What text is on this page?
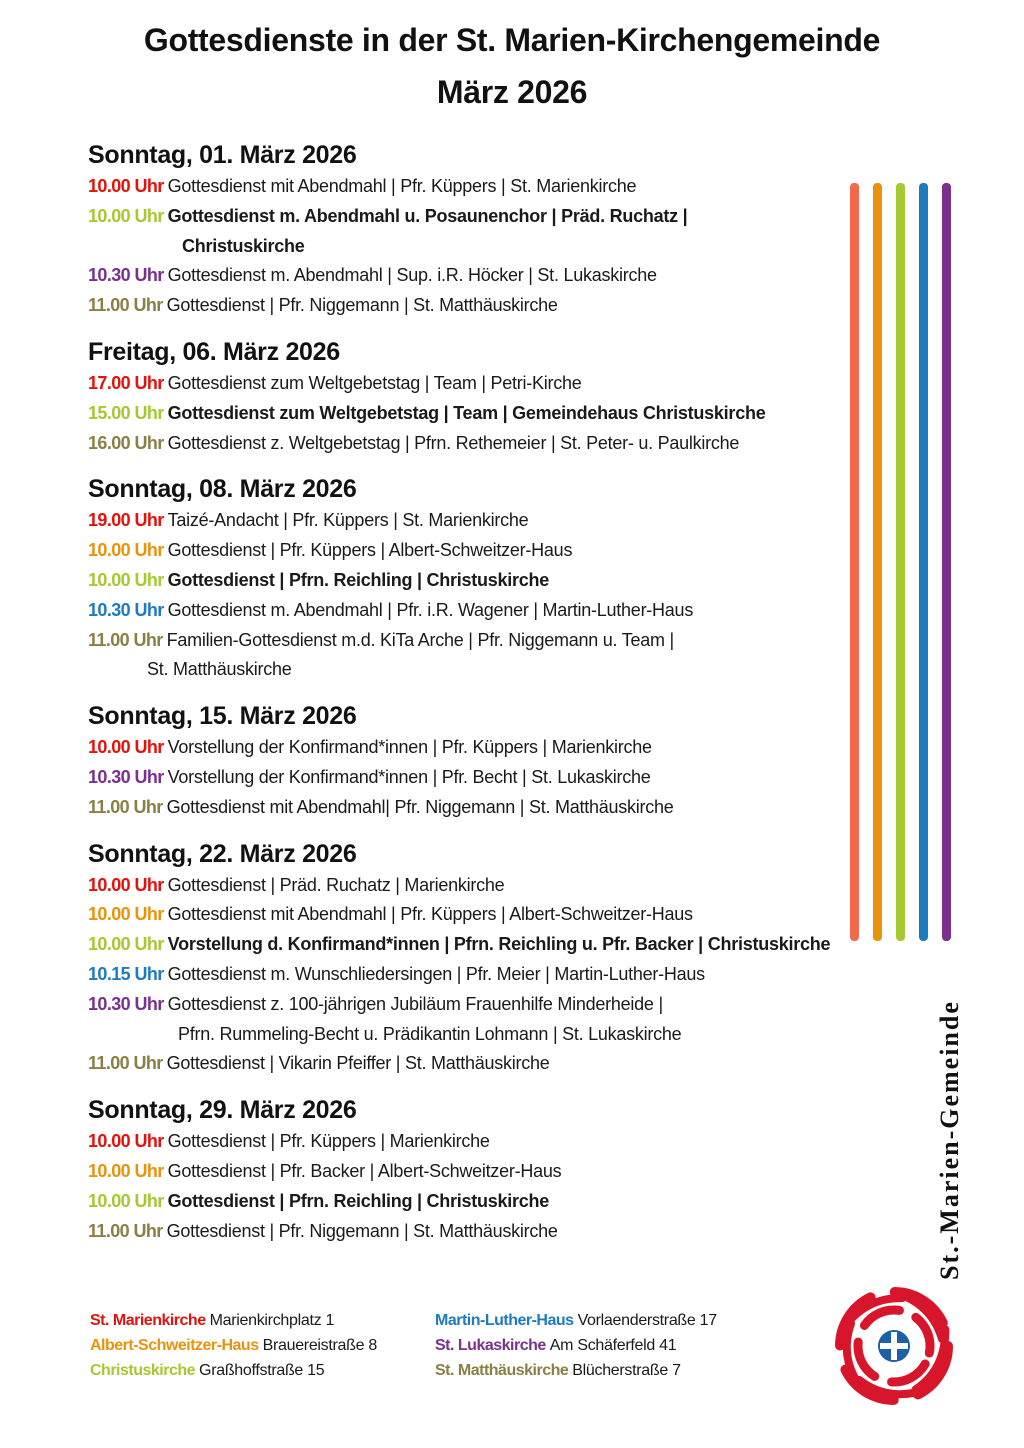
Gottesdienste in der St. Marien-Kirchengemeinde
März 2026
Sonntag, 01. März 2026
10.00 Uhr Gottesdienst mit Abendmahl | Pfr. Küppers | St. Marienkirche
10.00 Uhr Gottesdienst m. Abendmahl u. Posaunenchor | Präd. Ruchatz |
Christuskirche
10.30 Uhr Gottesdienst m. Abendmahl | Sup. i.R. Höcker | St. Lukaskirche
11.00 Uhr Gottesdienst | Pfr. Niggemann | St. Matthäuskirche
Freitag, 06. März 2026
17.00 Uhr Gottesdienst zum Weltgebetstag | Team | Petri-Kirche
15.00 Uhr Gottesdienst zum Weltgebetstag | Team | Gemeindehaus Christuskirche
16.00 Uhr Gottesdienst z. Weltgebetstag | Pfrn. Rethemeier | St. Peter- u. Paulkirche
Sonntag, 08. März 2026
19.00 Uhr Taizé-Andacht | Pfr. Küppers | St. Marienkirche
10.00 Uhr Gottesdienst | Pfr. Küppers | Albert-Schweitzer-Haus
10.00 Uhr Gottesdienst | Pfrn. Reichling | Christuskirche
10.30 Uhr Gottesdienst m. Abendmahl | Pfr. i.R. Wagener | Martin-Luther-Haus
11.00 Uhr Familien-Gottesdienst m.d. KiTa Arche | Pfr. Niggemann u. Team |
St. Matthäuskirche
Sonntag, 15. März 2026
10.00 Uhr Vorstellung der Konfirmand*innen | Pfr. Küppers | Marienkirche
10.30 Uhr Vorstellung der Konfirmand*innen | Pfr. Becht | St. Lukaskirche
11.00 Uhr Gottesdienst mit Abendmahl| Pfr. Niggemann | St. Matthäuskirche
Sonntag, 22. März 2026
10.00 Uhr Gottesdienst | Präd. Ruchatz | Marienkirche
10.00 Uhr Gottesdienst mit Abendmahl | Pfr. Küppers | Albert-Schweitzer-Haus
10.00 Uhr Vorstellung d. Konfirmand*innen | Pfrn. Reichling u. Pfr. Backer | Christuskirche
10.15 Uhr Gottesdienst m. Wunschliedersingen | Pfr. Meier | Martin-Luther-Haus
10.30 Uhr Gottesdienst z. 100-jährigen Jubiläum Frauenhilfe Minderheide |
Pfrn. Rummeling-Becht u. Prädikantin Lohmann | St. Lukaskirche
11.00 Uhr Gottesdienst | Vikarin Pfeiffer | St. Matthäuskirche
Sonntag, 29. März 2026
10.00 Uhr Gottesdienst | Pfr. Küppers | Marienkirche
10.00 Uhr Gottesdienst | Pfr. Backer | Albert-Schweitzer-Haus
10.00 Uhr Gottesdienst | Pfrn. Reichling | Christuskirche
11.00 Uhr Gottesdienst | Pfr. Niggemann | St. Matthäuskirche	St.-Marien-Gemeinde
St. Marienkirche Marienkirchplatz 1
Albert-Schweitzer-Haus Brauereistraße 8
Christuskirche Graßhoffstraße 15
Martin-Luther-Haus Vorlaenderstraße 17
St. Lukaskirche Am Schäferfeld 41
St. Matthäuskirche Blücherstraße 7
